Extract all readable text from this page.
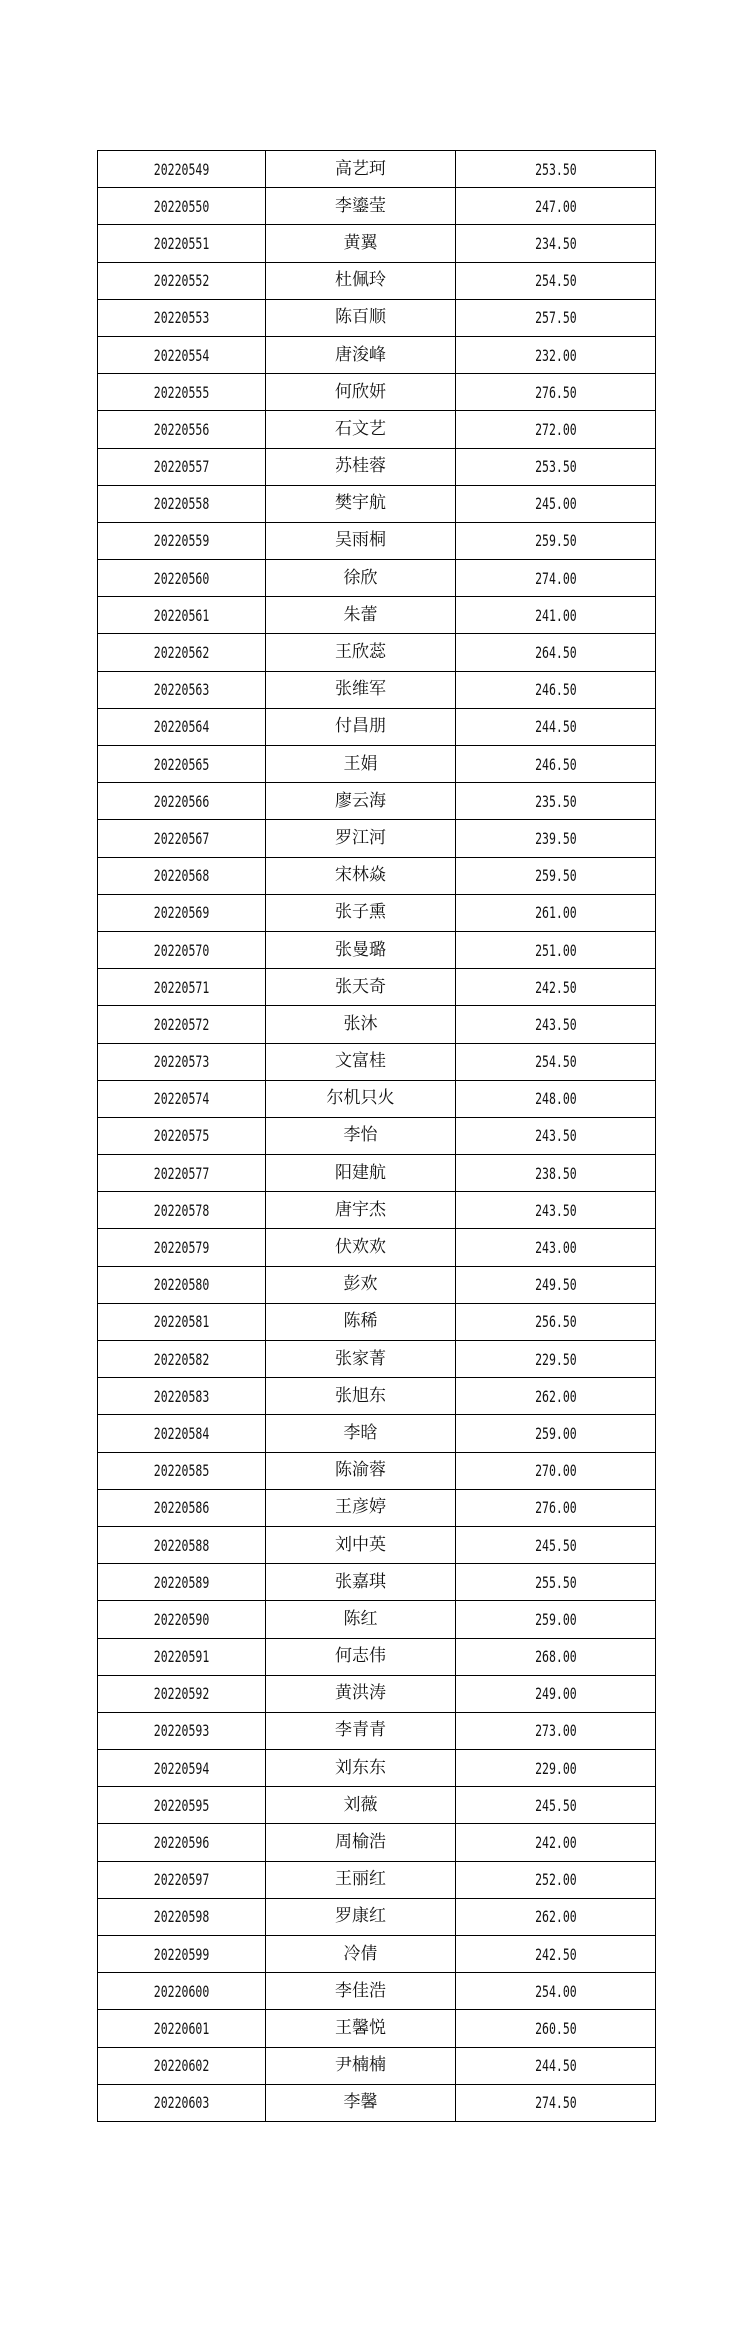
20220549	高艺珂	253.50
20220550	李鎏莹	247.00
20220551	黄翼	234.50
20220552	杜佩玲	254.50
20220553	陈百顺	257.50
20220554	唐浚峰	232.00
20220555	何欣妍	276.50
20220556	石文艺	272.00
20220557	苏桂蓉	253.50
20220558	樊宇航	245.00
20220559	吴雨桐	259.50
20220560	徐欣	274.00
20220561	朱蕾	241.00
20220562	王欣蕊	264.50
20220563	张维军	246.50
20220564	付昌朋	244.50
20220565	王娟	246.50
20220566	廖云海	235.50
20220567	罗江河	239.50
20220568	宋林焱	259.50
20220569	张子熏	261.00
20220570	张曼璐	251.00
20220571	张天奇	242.50
20220572	张沐	243.50
20220573	文富桂	254.50
20220574	尔机只火	248.00
20220575	李怡	243.50
20220577	阳建航	238.50
20220578	唐宇杰	243.50
20220579	伏欢欢	243.00
20220580	彭欢	249.50
20220581	陈稀	256.50
20220582	张家菁	229.50
20220583	张旭东	262.00
20220584	李晗	259.00
20220585	陈渝蓉	270.00
20220586	王彦婷	276.00
20220588	刘中英	245.50
20220589	张嘉琪	255.50
20220590	陈红	259.00
20220591	何志伟	268.00
20220592	黄洪涛	249.00
20220593	李青青	273.00
20220594	刘东东	229.00
20220595	刘薇	245.50
20220596	周榆浩	242.00
20220597	王丽红	252.00
20220598	罗康红	262.00
20220599	冷倩	242.50
20220600	李佳浩	254.00
20220601	王馨悦	260.50
20220602	尹楠楠	244.50
20220603	李馨	274.50
